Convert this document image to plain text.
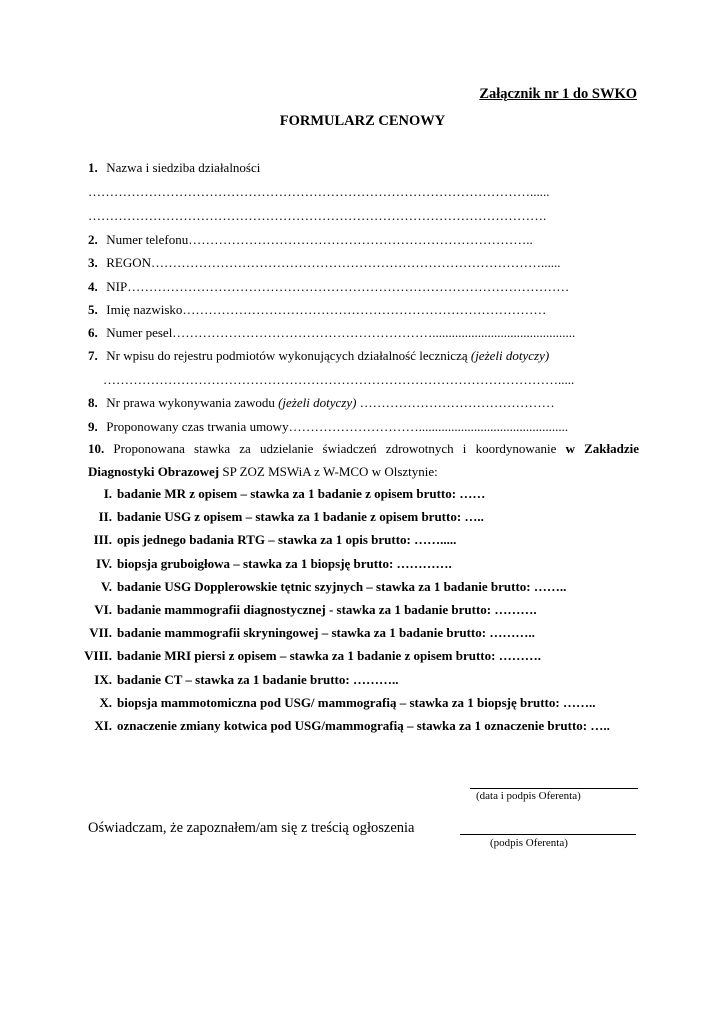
Załącznik nr 1 do SWKO
FORMULARZ CENOWY
1. Nazwa i siedziba działalności
…………………………………………………………………………………………......
…………………………………………………………………………………………….
2. Numer telefonu……………………………………………………………………..
3. REGON………………………………………………………………………………......
4. NIP…………………………………………………………………………………………
5. Imię nazwisko…………………………………………………………………………
6. Numer pesel……………………………………………………............................................
7. Nr wpisu do rejestru podmiotów wykonujących działalność leczniczą (jeżeli dotyczy)
…………………………………………………………………………………………….....
8. Nr prawa wykonywania zawodu (jeżeli dotyczy) ………………………………………
9. Proponowany czas trwania umowy…………………………..............................................
10. Proponowana stawka za udzielanie świadczeń zdrowotnych i koordynowanie w Zakładzie Diagnostyki Obrazowej SP ZOZ MSWiA z W-MCO w Olsztynie:
I. badanie MR z opisem – stawka za 1 badanie z opisem brutto: ……
II. badanie USG z opisem – stawka za 1 badanie z opisem brutto: …..
III. opis jednego badania RTG – stawka za 1 opis brutto: …….....
IV. biopsja gruboigłowa – stawka za 1 biopsję brutto: ………….
V. badanie USG Dopplerowskie tętnic szyjnych – stawka za 1 badanie brutto: ……..
VI. badanie mammografii diagnostycznej - stawka za 1 badanie brutto: ……….
VII. badanie mammografii skryningowej – stawka za 1 badanie brutto: ………..
VIII. badanie MRI piersi z opisem – stawka za 1 badanie z opisem brutto: ……….
IX. badanie CT – stawka za 1 badanie brutto: ………..
X. biopsja mammotomiczna pod USG/ mammografią – stawka za 1 biopsję brutto: ……..
XI. oznaczenie zmiany kotwica pod USG/mammografią – stawka za 1 oznaczenie brutto: …..
(data i podpis Oferenta)
Oświadczam, że zapoznałem/am się z treścią ogłoszenia
(podpis Oferenta)
